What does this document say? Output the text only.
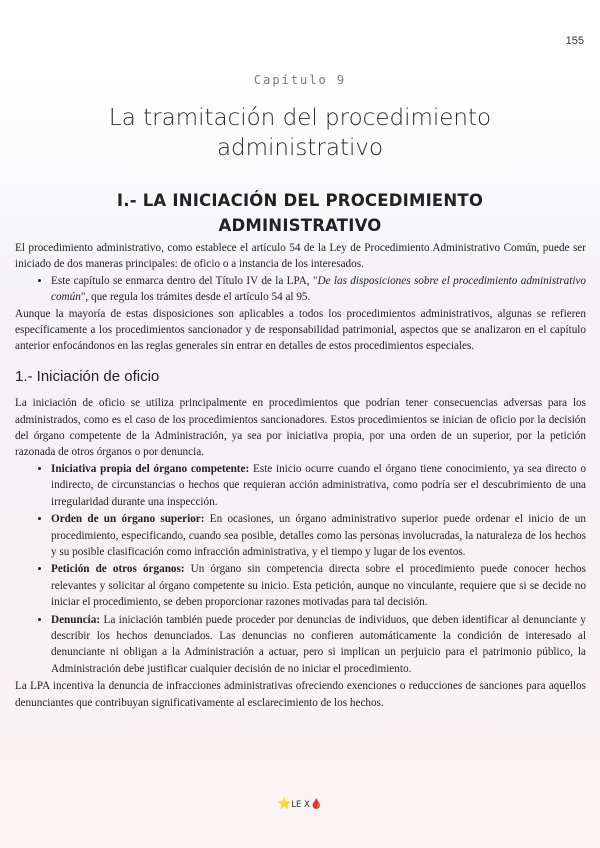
155
Capítulo 9
La tramitación del procedimiento administrativo
I.- LA INICIACIÓN DEL PROCEDIMIENTO ADMINISTRATIVO

El procedimiento administrativo, como establece el artículo 54 de la Ley de Procedimiento Administrativo Común, puede ser iniciado de dos maneras principales: de oficio o a instancia de los interesados.

• Este capítulo se enmarca dentro del Título IV de la LPA, "De las disposiciones sobre el procedimiento administrativo común", que regula los trámites desde el artículo 54 al 95.

Aunque la mayoría de estas disposiciones son aplicables a todos los procedimientos administrativos, algunas se refieren específicamente a los procedimientos sancionador y de responsabilidad patrimonial, aspectos que se analizaron en el capítulo anterior enfocándonos en las reglas generales sin entrar en detalles de estos procedimientos especiales.

1.- Iniciación de oficio

La iniciación de oficio se utiliza principalmente en procedimientos que podrían tener consecuencias adversas para los administrados, como es el caso de los procedimientos sancionadores. Estos procedimientos se inician de oficio por la decisión del órgano competente de la Administración, ya sea por iniciativa propia, por una orden de un superior, por la petición razonada de otros órganos o por denuncia.

• Iniciativa propia del órgano competente: Este inicio ocurre cuando el órgano tiene conocimiento, ya sea directo o indirecto, de circunstancias o hechos que requieran acción administrativa, como podría ser el descubrimiento de una irregularidad durante una inspección.
• Orden de un órgano superior: En ocasiones, un órgano administrativo superior puede ordenar el inicio de un procedimiento, especificando, cuando sea posible, detalles como las personas involucradas, la naturaleza de los hechos y su posible clasificación como infracción administrativa, y el tiempo y lugar de los eventos.
• Petición de otros órganos: Un órgano sin competencia directa sobre el procedimiento puede conocer hechos relevantes y solicitar al órgano competente su inicio. Esta petición, aunque no vinculante, requiere que si se decide no iniciar el procedimiento, se deben proporcionar razones motivadas para tal decisión.
• Denuncia: La iniciación también puede proceder por denuncias de individuos, que deben identificar al denunciante y describir los hechos denunciados. Las denuncias no confieren automáticamente la condición de interesado al denunciante ni obligan a la Administración a actuar, pero si implican un perjuicio para el patrimonio público, la Administración debe justificar cualquier decisión de no iniciar el procedimiento.

La LPA incentiva la denuncia de infracciones administrativas ofreciendo exenciones o reducciones de sanciones para aquellos denunciantes que contribuyan significativamente al esclarecimiento de los hechos.

⭐LE X🩸
